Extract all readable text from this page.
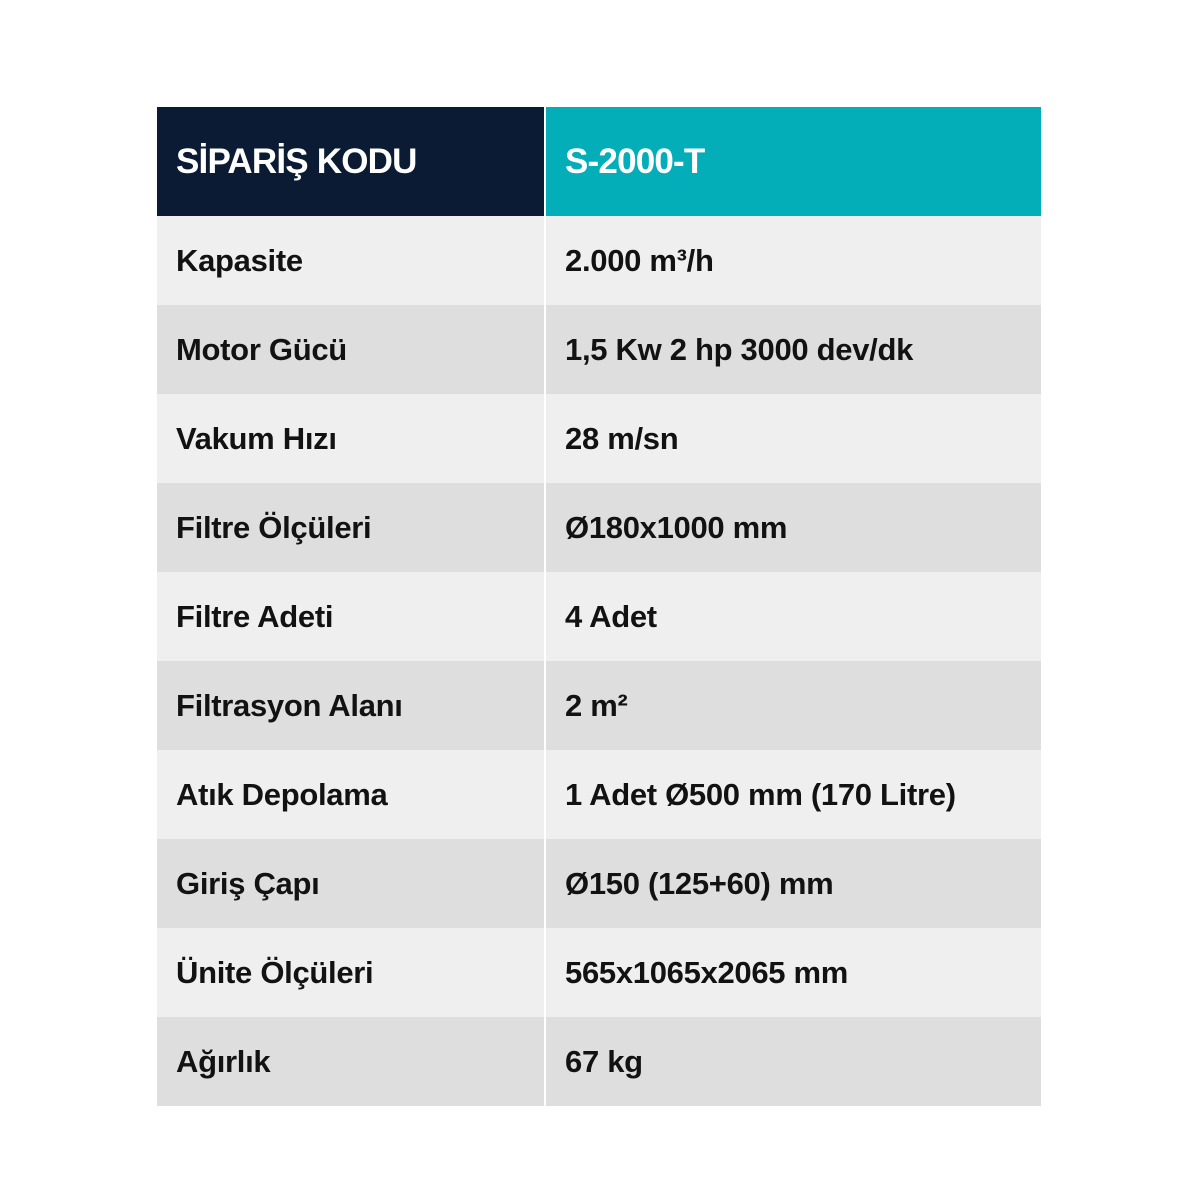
SİPARİŞ KODU	S-2000-T
Kapasite	2.000 m³/h
Motor Gücü	1,5 Kw 2 hp 3000 dev/dk
Vakum Hızı	28 m/sn
Filtre Ölçüleri	Ø180x1000 mm
Filtre Adeti	4 Adet
Filtrasyon Alanı	2 m²
Atık Depolama	1 Adet Ø500 mm (170 Litre)
Giriş Çapı	Ø150 (125+60) mm
Ünite Ölçüleri	565x1065x2065 mm
Ağırlık	67 kg
